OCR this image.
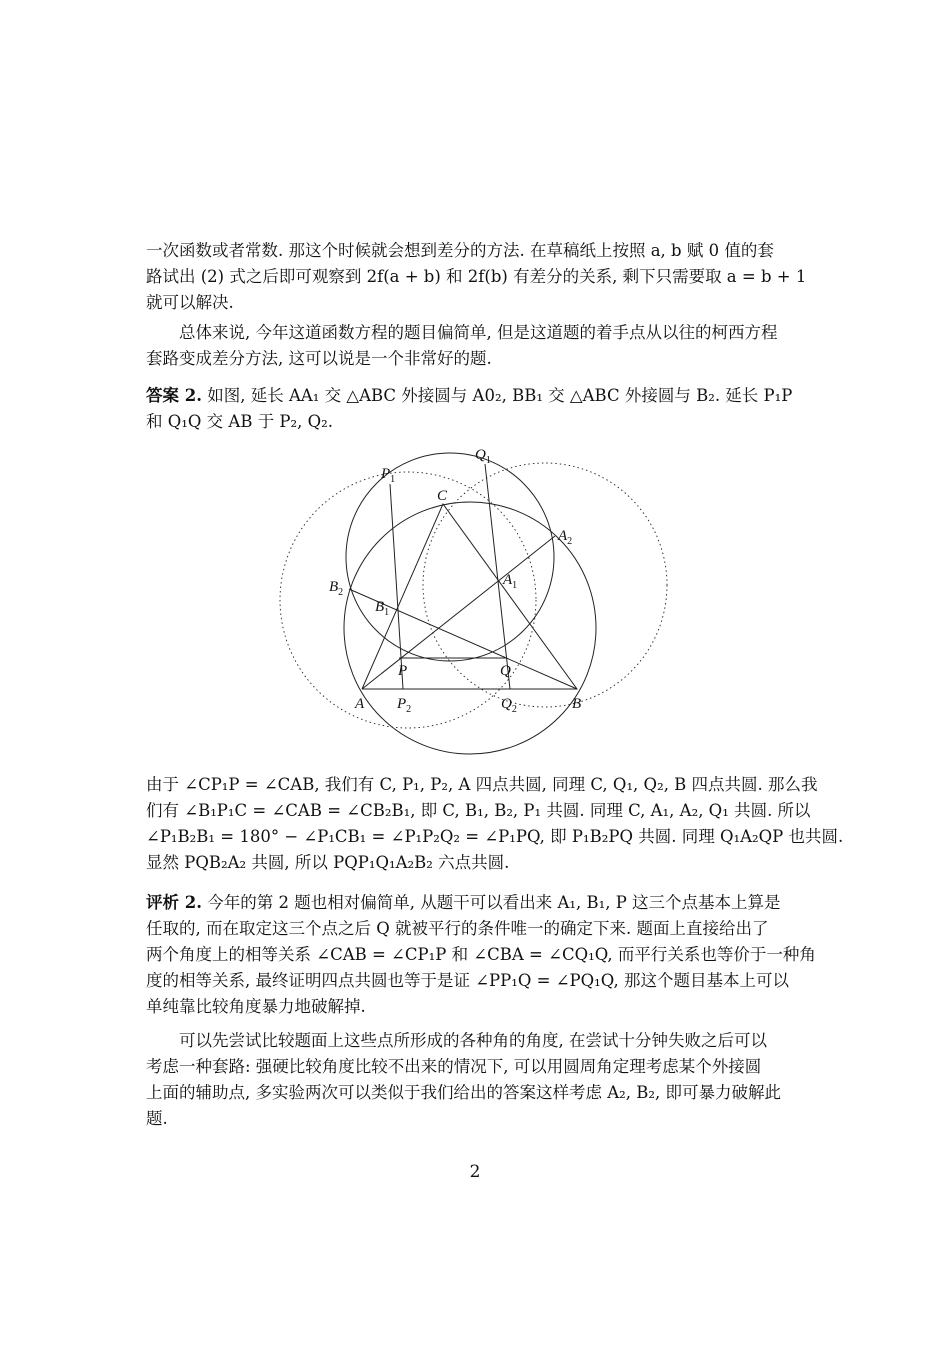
一次函数或者常数. 那这个时候就会想到差分的方法. 在草稿纸上按照 a, b 赋 0 值的套
路试出 (2) 式之后即可观察到 2f(a + b) 和 2f(b) 有差分的关系, 剩下只需要取 a = b + 1
就可以解决.
总体来说, 今年这道函数方程的题目偏简单, 但是这道题的着手点从以往的柯西方程
套路变成差分方法, 这可以说是一个非常好的题.
答案 2. 如图, 延长 AA₁ 交 △ABC 外接圆与 A0₂, BB₁ 交 △ABC 外接圆与 B₂. 延长 P₁P
和 Q₁Q 交 AB 于 P₂, Q₂.
$P_1$
$Q_1$
C
$A_2$
$A_1$
$B_2$
$B_1$
P	Q
A $P_2$	$Q_2$	B
由于 ∠CP₁P = ∠CAB, 我们有 C, P₁, P₂, A 四点共圆, 同理 C, Q₁, Q₂, B 四点共圆. 那么我
们有 ∠B₁P₁C = ∠CAB = ∠CB₂B₁, 即 C, B₁, B₂, P₁ 共圆. 同理 C, A₁, A₂, Q₁ 共圆. 所以
∠P₁B₂B₁ = 180° − ∠P₁CB₁ = ∠P₁P₂Q₂ = ∠P₁PQ, 即 P₁B₂PQ 共圆. 同理 Q₁A₂QP 也共圆.
显然 PQB₂A₂ 共圆, 所以 PQP₁Q₁A₂B₂ 六点共圆.
评析 2. 今年的第 2 题也相对偏简单, 从题干可以看出来 A₁, B₁, P 这三个点基本上算是
任取的, 而在取定这三个点之后 Q 就被平行的条件唯一的确定下来. 题面上直接给出了
两个角度上的相等关系 ∠CAB = ∠CP₁P 和 ∠CBA = ∠CQ₁Q, 而平行关系也等价于一种角
度的相等关系, 最终证明四点共圆也等于是证 ∠PP₁Q = ∠PQ₁Q, 那这个题目基本上可以
单纯靠比较角度暴力地破解掉.
可以先尝试比较题面上这些点所形成的各种角的角度, 在尝试十分钟失败之后可以
考虑一种套路: 强硬比较角度比较不出来的情况下, 可以用圆周角定理考虑某个外接圆
上面的辅助点, 多实验两次可以类似于我们给出的答案这样考虑 A₂, B₂, 即可暴力破解此
题.
2
